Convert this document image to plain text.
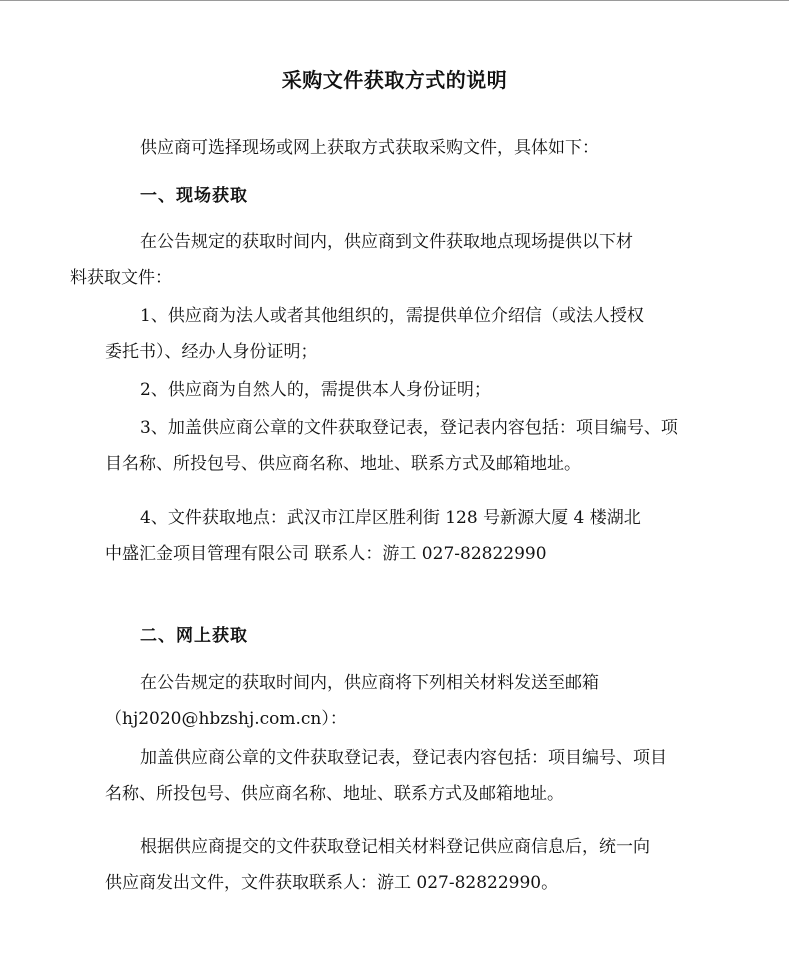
采购文件获取方式的说明
供应商可选择现场或网上获取方式获取采购文件，具体如下：
一、现场获取
在公告规定的获取时间内，供应商到文件获取地点现场提供以下材
料获取文件：
1、供应商为法人或者其他组织的，需提供单位介绍信（或法人授权
委托书）、经办人身份证明；
2、供应商为自然人的，需提供本人身份证明；
3、加盖供应商公章的文件获取登记表，登记表内容包括：项目编号、项
目名称、所投包号、供应商名称、地址、联系方式及邮箱地址。
4、文件获取地点：武汉市江岸区胜利街 128 号新源大厦 4 楼湖北
中盛汇金项目管理有限公司 联系人：游工 027-82822990
二、网上获取
在公告规定的获取时间内，供应商将下列相关材料发送至邮箱
（hj2020@hbzshj.com.cn）：
加盖供应商公章的文件获取登记表，登记表内容包括：项目编号、项目
名称、所投包号、供应商名称、地址、联系方式及邮箱地址。
根据供应商提交的文件获取登记相关材料登记供应商信息后，统一向
供应商发出文件，文件获取联系人：游工 027-82822990。
